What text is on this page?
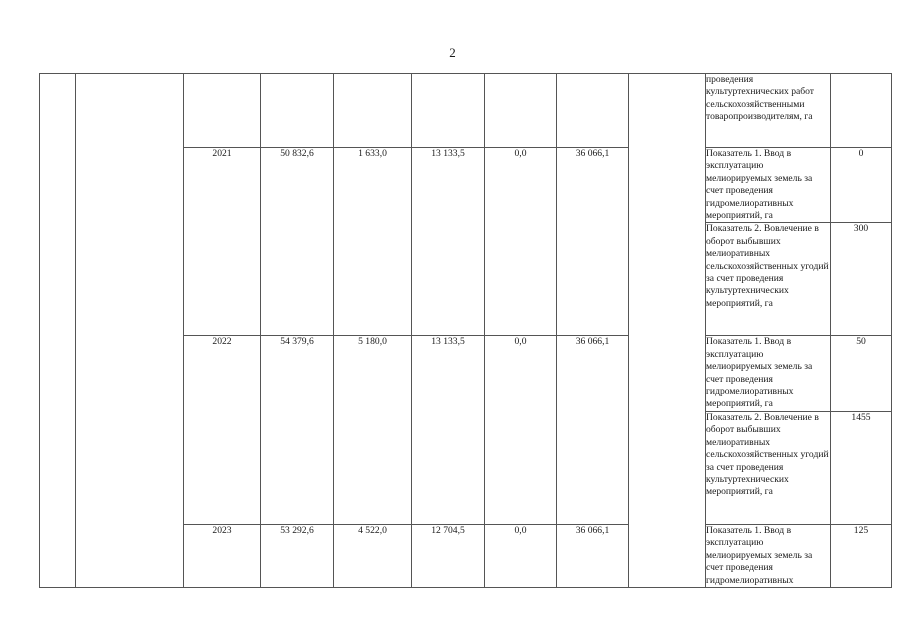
2
									проведения культуртехнических работ сельскохозяйственными товаропроизводителям, га	
		2021	50 832,6	1 633,0	13 133,5	0,0	36 066,1		Показатель 1. Ввод в эксплуатацию мелиорируемых земель за счет проведения гидромелиоративных мероприятий, га	0
									Показатель 2. Вовлечение в оборот выбывших мелиоративных сельскохозяйственных угодий за счет проведения культуртехнических мероприятий, га	300
		2022	54 379,6	5 180,0	13 133,5	0,0	36 066,1		Показатель 1. Ввод в эксплуатацию мелиорируемых земель за счет проведения гидромелиоративных мероприятий, га	50
									Показатель 2. Вовлечение в оборот выбывших мелиоративных сельскохозяйственных угодий за счет проведения культуртехнических мероприятий, га	1455
		2023	53 292,6	4 522,0	12 704,5	0,0	36 066,1		Показатель 1. Ввод в эксплуатацию мелиорируемых земель за счет проведения гидромелиоративных	125
